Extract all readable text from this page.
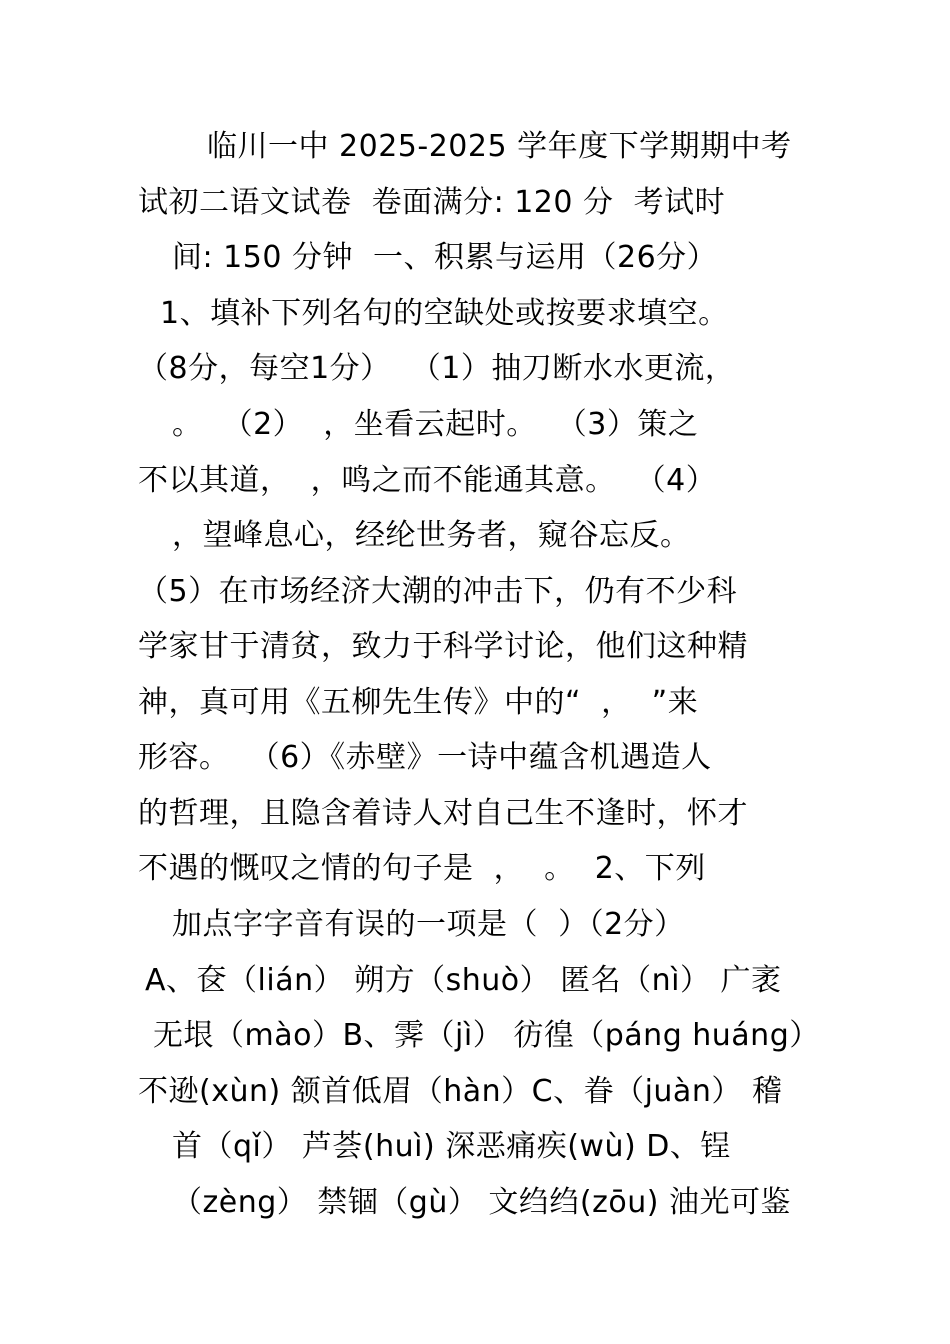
临川一中 2025-2025 学年度下学期期中考
试初二语文试卷  卷面满分: 120 分  考试时
间: 150 分钟  一、积累与运用（26分）
1、填补下列名句的空缺处或按要求填空。
（8分，每空1分）  （1）抽刀断水水更流，
。  （2）  ，坐看云起时。  （3）策之
不以其道，  ，鸣之而不能通其意。  （4）
，望峰息心，经纶世务者，窥谷忘反。
（5）在市场经济大潮的冲击下，仍有不少科
学家甘于清贫，致力于科学讨论，他们这种精
神，真可用《五柳先生传》中的“  ，  ”来
形容。  （6）《赤壁》一诗中蕴含机遇造人
的哲理，且隐含着诗人对自己生不逢时，怀才
不遇的慨叹之情的句子是  ，  。  2、下列
加点字字音有误的一项是（  ）（2分）
A、奁（lián） 朔方（shuò） 匿名（nì） 广袤
无垠（mào）B、霁（jì） 彷徨（páng huáng）
不逊(xùn) 颔首低眉（hàn）C、眷（juàn） 稽
首（qǐ） 芦荟(huì) 深恶痛疾(wù) D、锃
（zèng） 禁锢（gù） 文绉绉(zōu) 油光可鉴
